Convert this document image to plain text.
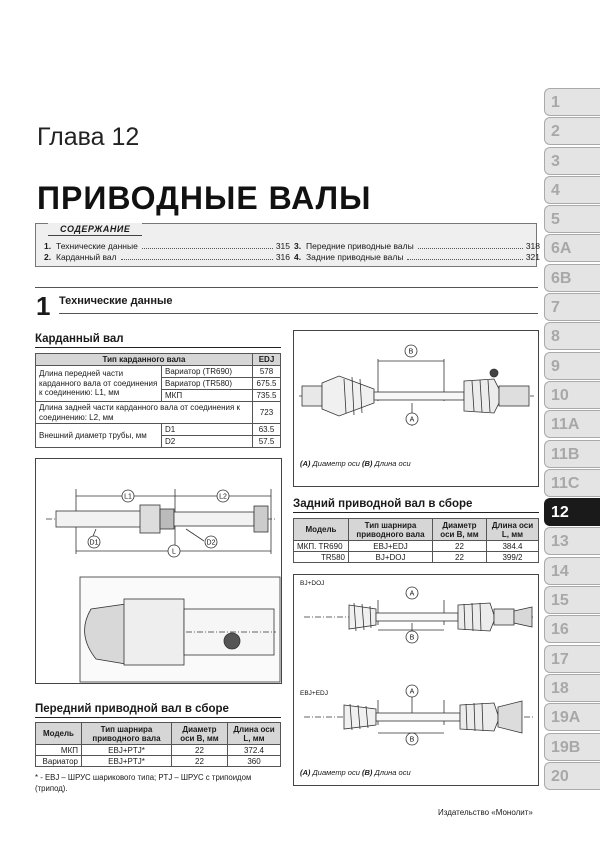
Глава 12
ПРИВОДНЫЕ ВАЛЫ
СОДЕРЖАНИЕ
1. Технические данные	315
2. Карданный вал	316
3. Передние приводные валы	318
4. Задние приводные валы	321
1 Технические данные
Карданный вал
Тип карданного вала		EDJ
Длина передней части карданного вала от соединения к соединению: L1, мм	Вариатор (TR690)	578
	Вариатор (TR580)	675.5
	МКП	735.5
Длина задней части карданного вала от соединения к соединению: L2, мм		723
Внешний диаметр трубы, мм	D1	63.5
	D2	57.5
L1	L2
D1
L
D2
Передний приводной вал в сборе
Модель	Тип шарнира приводного вала	Диаметр оси B, мм	Длина оси L, мм
МКП	EBJ+PTJ*	22	372.4
Вариатор	EBJ+PTJ*	22	360
* - EBJ – ШРУС шарикового типа; PTJ – ШРУС с трипоидом (трипод).
B
A
(A) Диаметр оси (B) Длина оси
Задний приводной вал в сборе
Модель	Тип шарнира приводного вала	Диаметр оси B, мм	Длина оси L, мм
МКП. TR690	EBJ+EDJ	22	384.4
TR580	BJ+DOJ	22	399/2
BJ+DOJ
EBJ+EDJ
A
B
A
B
(A) Диаметр оси (B) Длина оси
Издательство «Монолит»
1
2
3
4
5
6A
6B
7
8
9
10
11A
11B
11C
12
13
14
15
16
17
18
19A
19B
20
